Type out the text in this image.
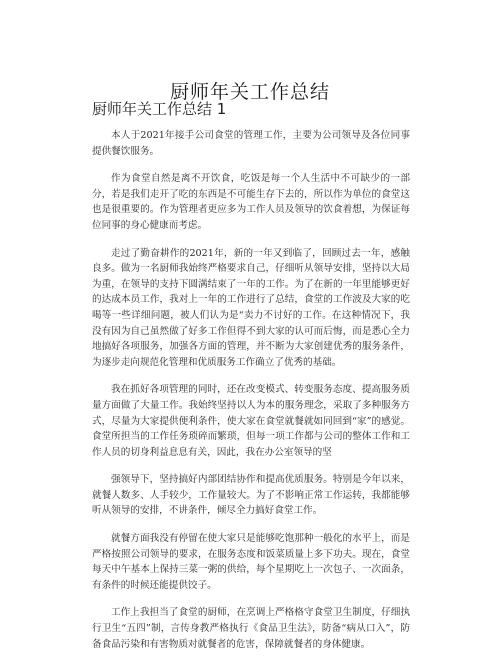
厨师年关工作总结
厨师年关工作总结 1

本人于2021年接手公司食堂的管理工作，主要为公司领导及各位同事提供餐饮服务。

作为食堂自然是离不开饮食，吃饭是每一个人生活中不可缺少的一部分，若是我们走开了吃的东西是不可能生存下去的，所以作为单位的食堂这也是很重要的。作为管理者更应多为工作人员及领导的饮食着想，为保证每位同事的身心健康而考虑。

走过了勤奋耕作的2021年，新的一年又到临了，回顾过去一年，感触良多。做为一名厨师我始终严格要求自己，仔细听从领导安排，坚持以大局为重，在领导的支持下圆满结束了一年的工作。为了在新的一年里能够更好的达成本员工作，我对上一年的工作进行了总结，食堂的工作波及大家的吃喝等一些详细问题，被人们认为是“卖力不讨好的工作。在这种情况下，我没有因为自己虽然做了好多工作但得不到大家的认可而后悔，而是悉心全力地搞好各项服务，加强各方面的管理，并不断为大家创建优秀的服务条件，为逐步走向规范化管理和优质服务工作确立了优秀的基础。

我在抓好各项管理的同时，还在改变模式、转变服务态度、提高服务质量方面做了大量工作。我始终坚持以人为本的服务理念，采取了多种服务方式，尽量为大家提供便利条件，使大家在食堂就餐就如同回到“家”的感觉。食堂所担当的工作任务琐碎而繁琐，但每一项工作都与公司的整体工作和工作人员的切身利益息息有关，因此，我在办公室领导的坚

强领导下，坚持搞好内部团结协作和提高优质服务。特别是今年以来，就餐人数多、人手较少，工作量较大。为了不影响正常工作运转，我都能够听从领导的安排，不讲条件，倾尽全力搞好食堂工作。

就餐方面我没有停留在使大家只是能够吃饱那种一般化的水平上，而是严格按照公司领导的要求，在服务态度和饭菜质量上多下功夫。现在，食堂每天中午基本上保持三菜一粥的供给，每个星期吃上一次包子、一次面条，有条件的时候还能提供饺子。

工作上我担当了食堂的厨师，在烹调上严格格守食堂卫生制度，仔细执行卫生“五四”制，言传身教严格执行《食品卫生法》，防备“病从口入”，防备食品污染和有害物质对就餐者的危害，保障就餐者的身体健康。
